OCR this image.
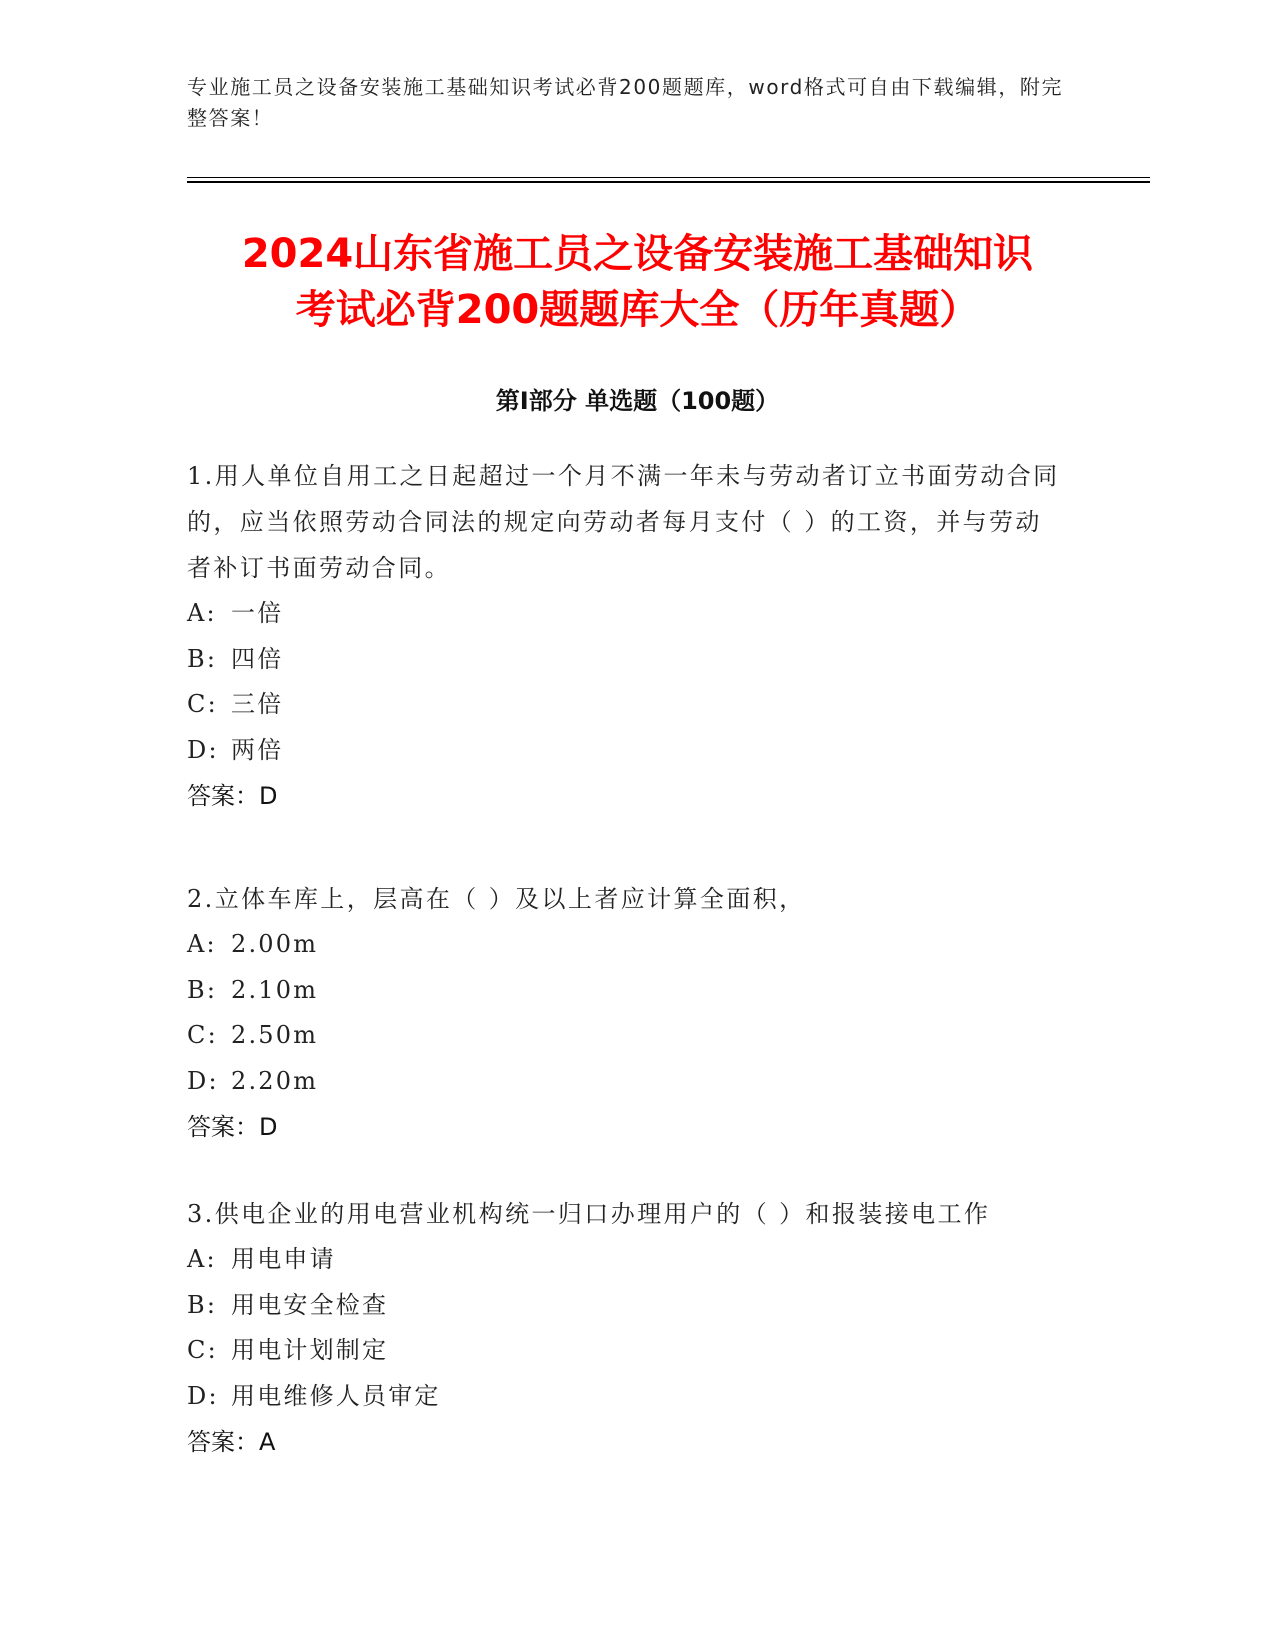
专业施工员之设备安装施工基础知识考试必背200题题库，word格式可自由下载编辑，附完整答案！
2024山东省施工员之设备安装施工基础知识
考试必背200题题库大全（历年真题）
第I部分 单选题（100题）

1.用人单位自用工之日起超过一个月不满一年未与劳动者订立书面劳动合同的，应当依照劳动合同法的规定向劳动者每月支付（ ）的工资，并与劳动者补订书面劳动合同。

A: 一倍

B: 四倍

C: 三倍

D: 两倍

答案：D

2.立体车库上，层高在（ ）及以上者应计算全面积，

A: 2.00m

B: 2.10m

C: 2.50m

D: 2.20m

答案：D

3.供电企业的用电营业机构统一归口办理用户的（ ）和报装接电工作

A: 用电申请

B: 用电安全检查

C: 用电计划制定

D: 用电维修人员审定

答案：A
